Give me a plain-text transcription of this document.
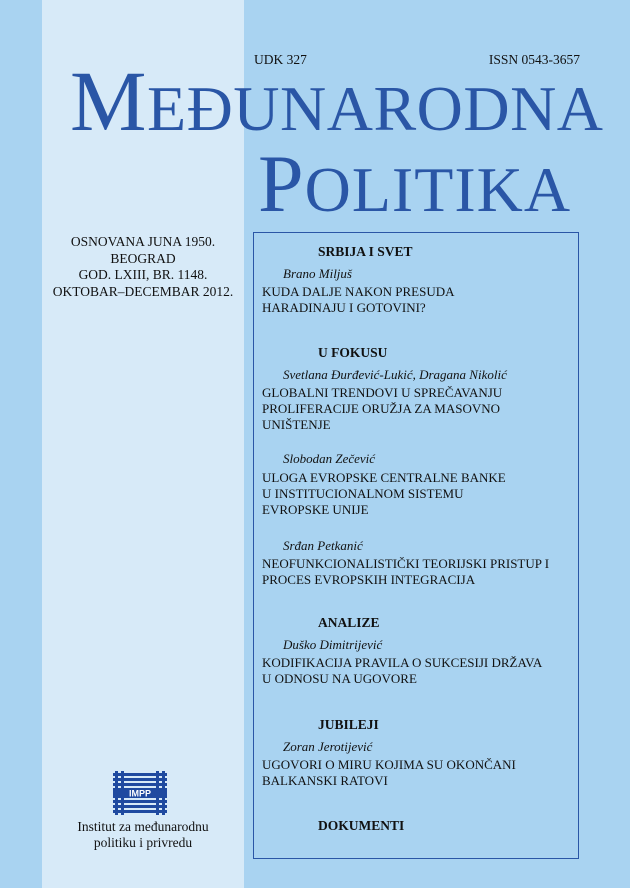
UDK 327	ISSN 0543-3657
MEĐUNARODNA
POLITIKA
OSNOVANA JUNA 1950.
BEOGRAD
GOD. LXIII, BR. 1148.
OKTOBAR–DECEMBAR 2012.
SRBIJA I SVET
Brano Miljuš
KUDA DALJE NAKON PRESUDA
HARADINAJU I GOTOVINI?
U FOKUSU
Svetlana Đurđević-Lukić, Dragana Nikolić
GLOBALNI TRENDOVI U SPREČAVANJU
PROLIFERACIJE ORUŽJA ZA MASOVNO
UNIŠTENJE
Slobodan Zečević
ULOGA EVROPSKE CENTRALNE BANKE
U INSTITUCIONALNOM SISTEMU
EVROPSKE UNIJE
Srđan Petkanić
NEOFUNKCIONALISTIČKI TEORIJSKI PRISTUP I
PROCES EVROPSKIH INTEGRACIJA
ANALIZE
Duško Dimitrijević
KODIFIKACIJA PRAVILA O SUKCESIJI DRŽAVA
U ODNOSU NA UGOVORE
JUBILEJI
Zoran Jerotijević
UGOVORI O MIRU KOJIMA SU OKONČANI
BALKANSKI RATOVI
DOKUMENTI
IMPP
Institut za međunarodnu
politiku i privredu
